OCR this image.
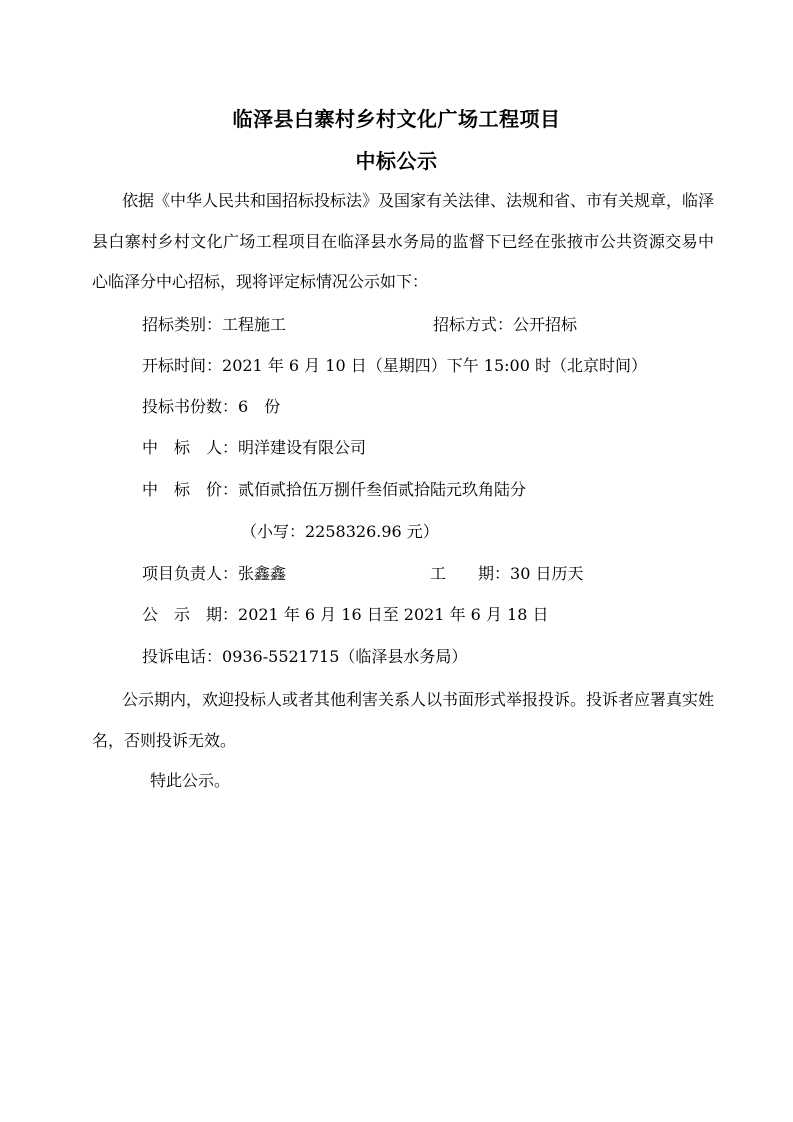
临泽县白寨村乡村文化广场工程项目
中标公示
依据《中华人民共和国招标投标法》及国家有关法律、法规和省、市有关规章，临泽县白寨村乡村文化广场工程项目在临泽县水务局的监督下已经在张掖市公共资源交易中心临泽分中心招标，现将评定标情况公示如下：
招标类别：工程施工	招标方式：公开招标
开标时间：2021 年 6 月 10 日（星期四）下午 15:00 时（北京时间）
投标书份数：6　份
中　标　人：明洋建设有限公司
中　标　价：贰佰贰拾伍万捌仟叁佰贰拾陆元玖角陆分
（小写：2258326.96 元）
项目负责人：张鑫鑫	工　　期：30 日历天
公　示　期：2021 年 6 月 16 日至 2021 年 6 月 18 日
投诉电话：0936-5521715（临泽县水务局）
公示期内，欢迎投标人或者其他利害关系人以书面形式举报投诉。投诉者应署真实姓名，否则投诉无效。
特此公示。
